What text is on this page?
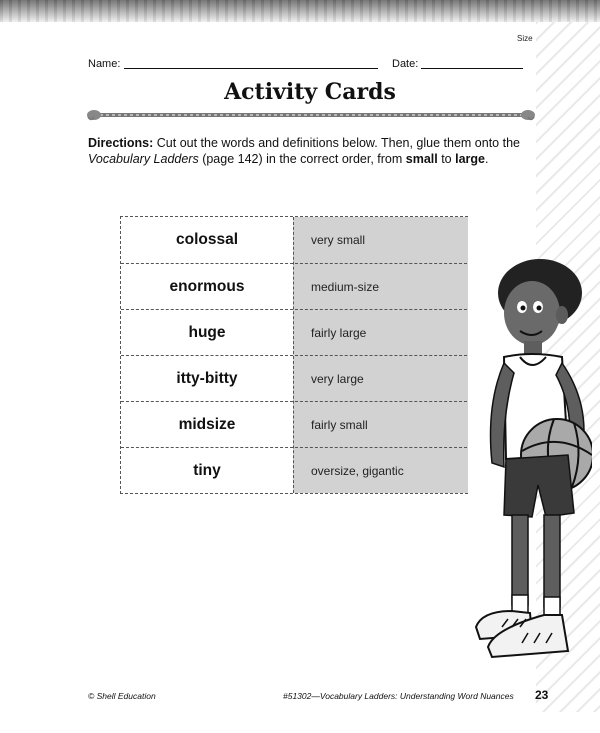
Size
Name:	Date:
Activity Cards
Directions: Cut out the words and definitions below. Then, glue them onto the Vocabulary Ladders (page 142) in the correct order, from small to large.
colossal	very small
enormous	medium-size
huge	fairly large
itty-bitty	very large
midsize	fairly small
tiny	oversize, gigantic
© Shell Education	#51302—Vocabulary Ladders: Understanding Word Nuances 23
